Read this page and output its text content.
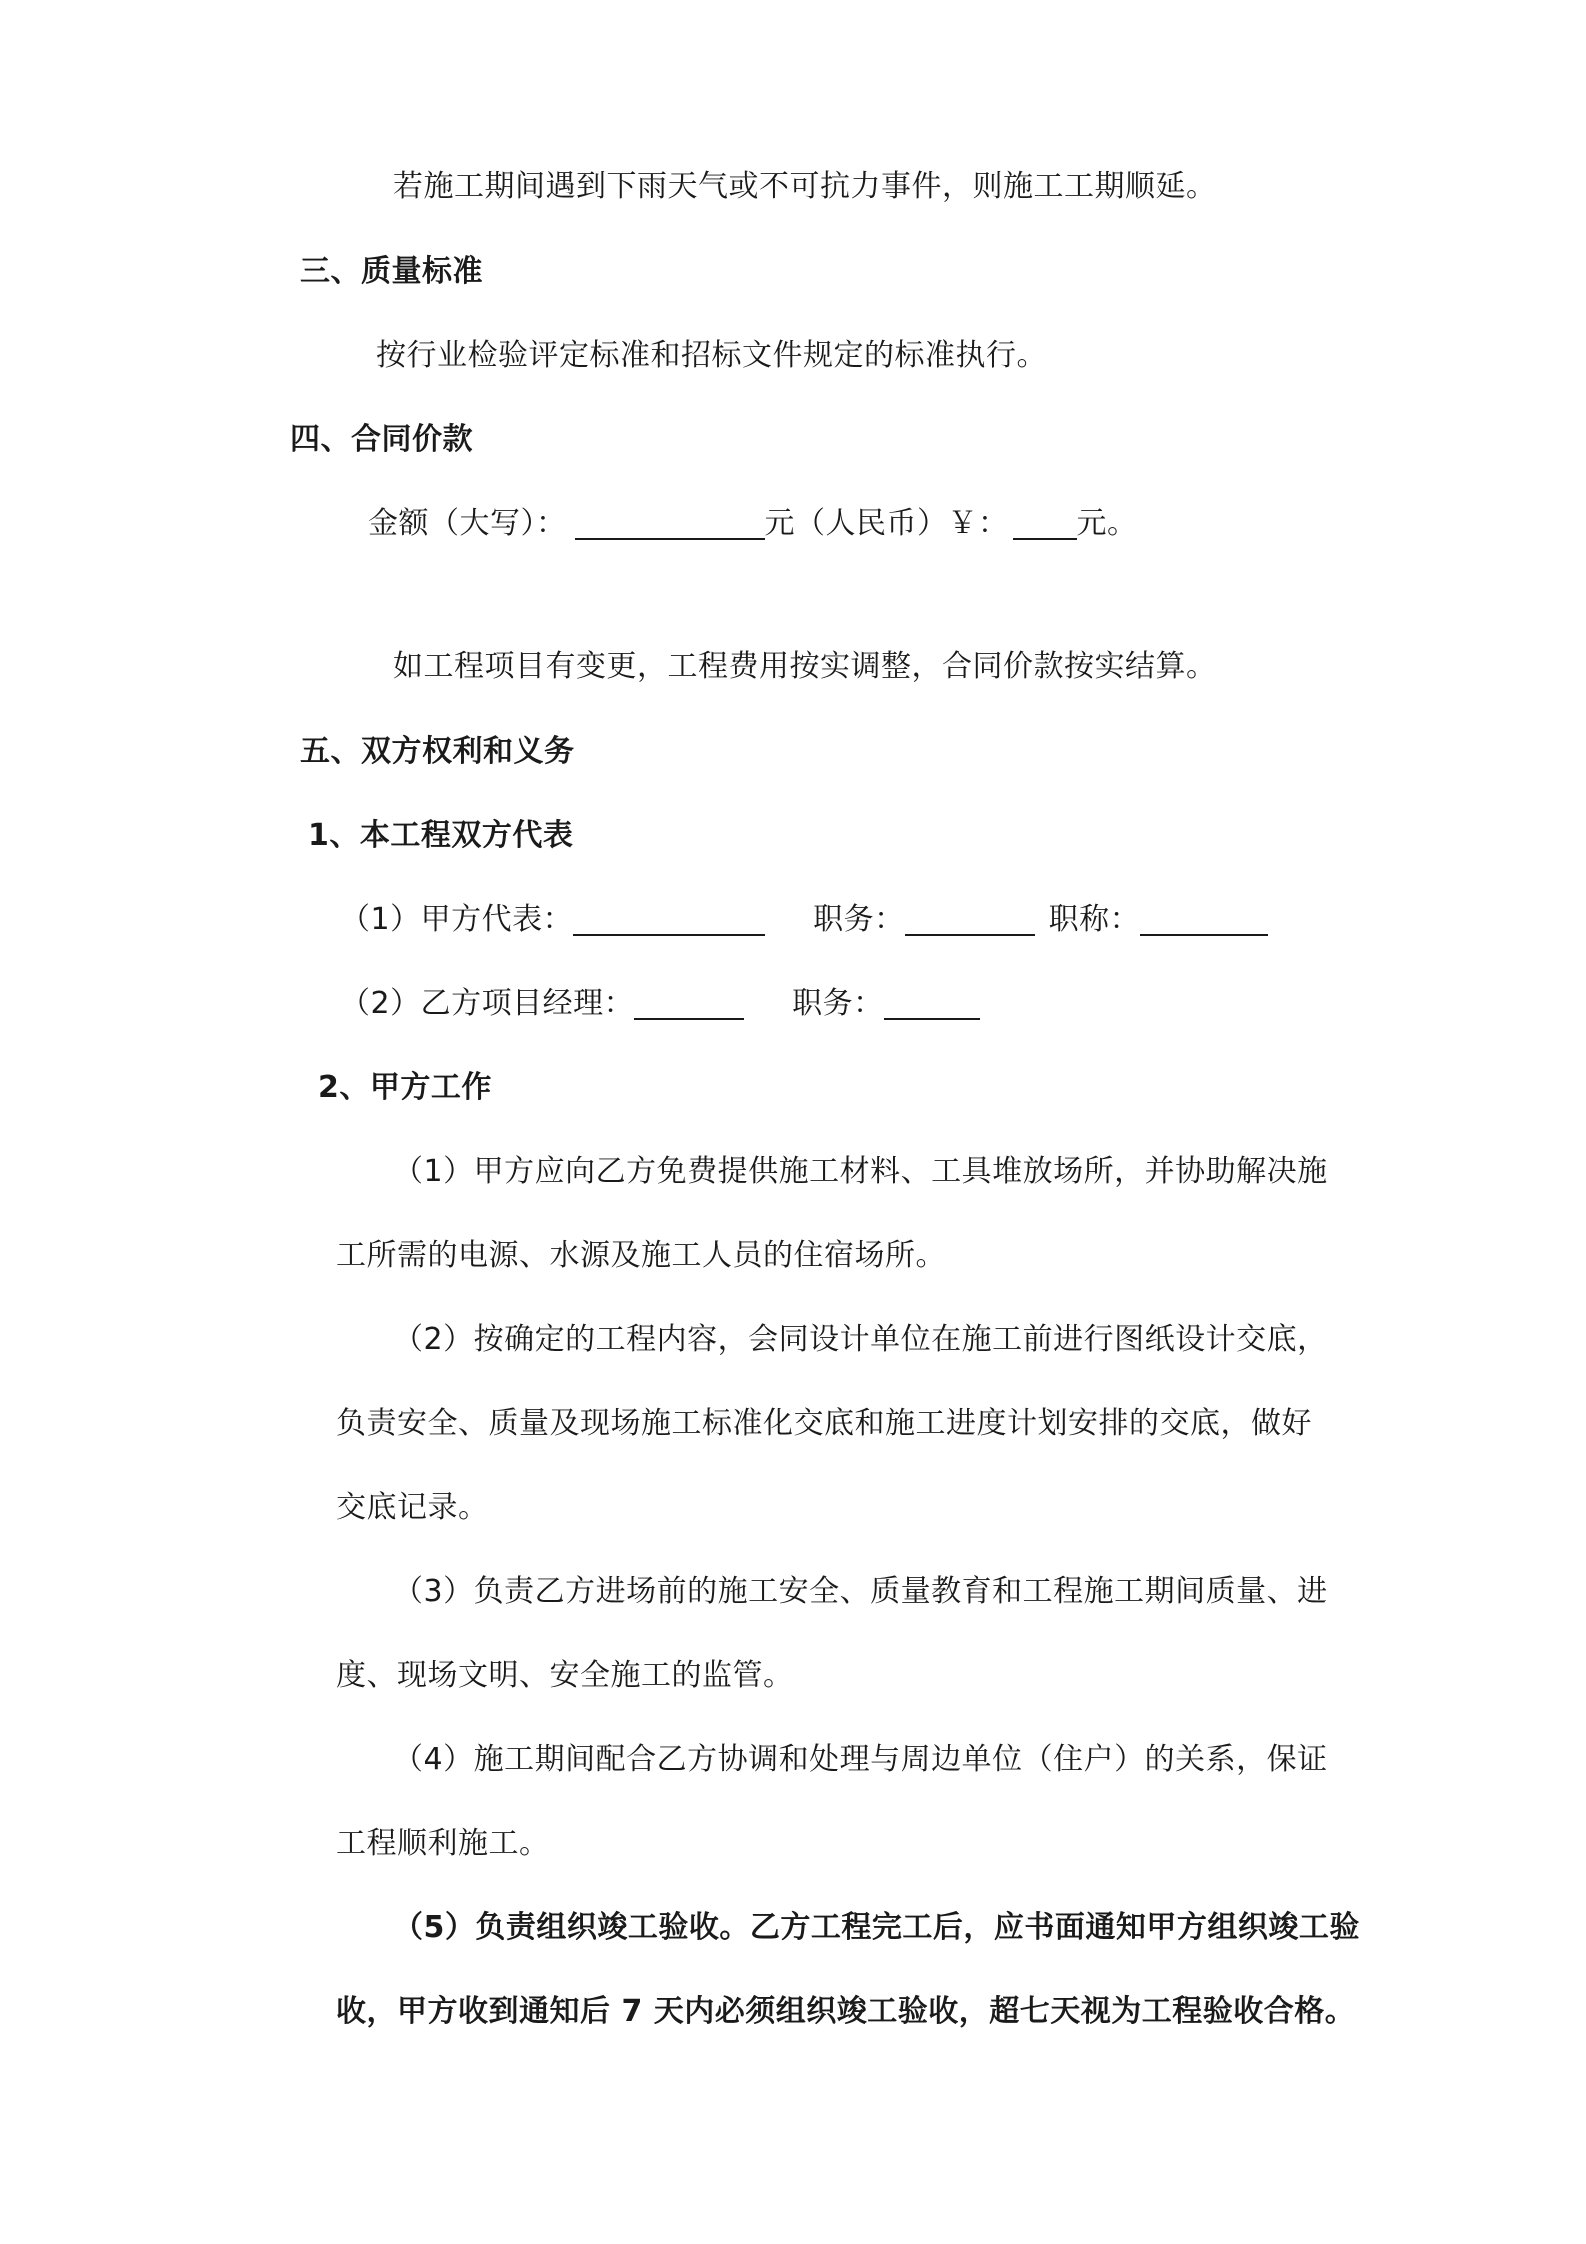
若施工期间遇到下雨天气或不可抗力事件，则施工工期顺延。
三、质量标准
按行业检验评定标准和招标文件规定的标准执行。
四、合同价款
金额（大写）：	元（人民币）￥： 元。
如工程项目有变更，工程费用按实调整，合同价款按实结算。
五、双方权利和义务
1、本工程双方代表
（1）甲方代表：	职务：	职称：
（2）乙方项目经理：	职务：
2、甲方工作
（1）甲方应向乙方免费提供施工材料、工具堆放场所，并协助解决施
工所需的电源、水源及施工人员的住宿场所。
（2）按确定的工程内容，会同设计单位在施工前进行图纸设计交底，
负责安全、质量及现场施工标准化交底和施工进度计划安排的交底，做好
交底记录。
（3）负责乙方进场前的施工安全、质量教育和工程施工期间质量、进
度、现场文明、安全施工的监管。
（4）施工期间配合乙方协调和处理与周边单位（住户）的关系，保证
工程顺利施工。
（5）负责组织竣工验收。乙方工程完工后，应书面通知甲方组织竣工验
收，甲方收到通知后 7 天内必须组织竣工验收，超七天视为工程验收合格。
